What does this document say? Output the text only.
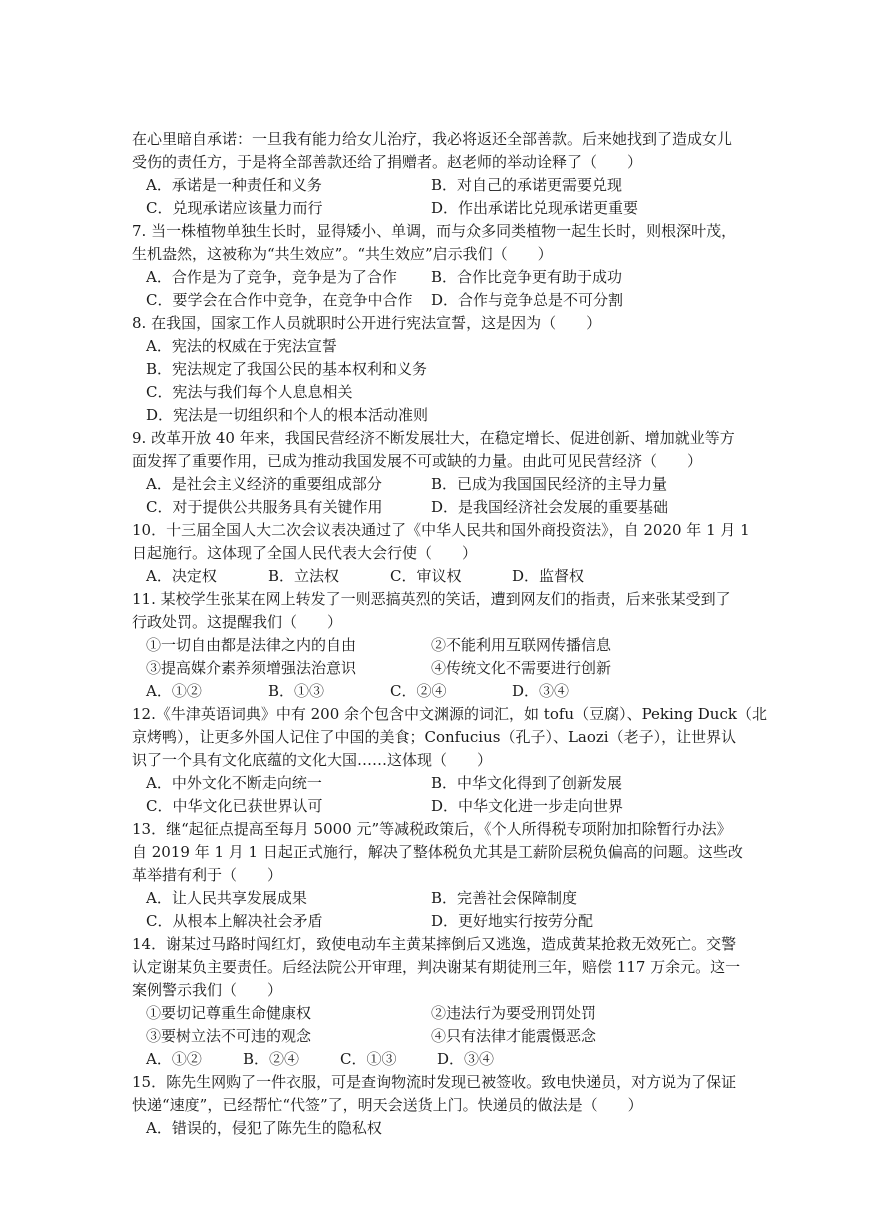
在心里暗自承诺：一旦我有能力给女儿治疗，我必将返还全部善款。后来她找到了造成女儿
受伤的责任方，于是将全部善款还给了捐赠者。赵老师的举动诠释了（　　）
A．承诺是一种责任和义务	B．对自己的承诺更需要兑现
C．兑现承诺应该量力而行	D．作出承诺比兑现承诺更重要
7. 当一株植物单独生长时，显得矮小、单调，而与众多同类植物一起生长时，则根深叶茂，
生机盎然，这被称为“共生效应”。“共生效应”启示我们（　　）
A．合作是为了竞争，竞争是为了合作	B．合作比竞争更有助于成功
C．要学会在合作中竞争，在竞争中合作	D．合作与竞争总是不可分割
8. 在我国，国家工作人员就职时公开进行宪法宣誓，这是因为（　　）
A．宪法的权威在于宪法宣誓
B．宪法规定了我国公民的基本权利和义务
C．宪法与我们每个人息息相关
D．宪法是一切组织和个人的根本活动准则
9. 改革开放 40 年来，我国民营经济不断发展壮大，在稳定增长、促进创新、增加就业等方
面发挥了重要作用，已成为推动我国发展不可或缺的力量。由此可见民营经济（　　）
A．是社会主义经济的重要组成部分	B．已成为我国国民经济的主导力量
C．对于提供公共服务具有关键作用	D．是我国经济社会发展的重要基础
10．十三届全国人大二次会议表决通过了《中华人民共和国外商投资法》，自 2020 年 1 月 1
日起施行。这体现了全国人民代表大会行使（　　）
A．决定权	B．立法权	C．审议权	D．监督权
11. 某校学生张某在网上转发了一则恶搞英烈的笑话，遭到网友们的指责，后来张某受到了
行政处罚。这提醒我们（　　）
①一切自由都是法律之内的自由	②不能利用互联网传播信息
③提高媒介素养须增强法治意识	④传统文化不需要进行创新
A．①②	B．①③	C．②④	D．③④
12.《牛津英语词典》中有 200 余个包含中文渊源的词汇，如 tofu（豆腐）、Peking Duck（北
京烤鸭），让更多外国人记住了中国的美食；Confucius（孔子）、Laozi（老子），让世界认
识了一个具有文化底蕴的文化大国……这体现（　　）
A．中外文化不断走向统一	B．中华文化得到了创新发展
C．中华文化已获世界认可	D．中华文化进一步走向世界
13．继“起征点提高至每月 5000 元”等减税政策后，《个人所得税专项附加扣除暂行办法》
自 2019 年 1 月 1 日起正式施行，解决了整体税负尤其是工薪阶层税负偏高的问题。这些改
革举措有利于（　　）
A．让人民共享发展成果	B．完善社会保障制度
C．从根本上解决社会矛盾	D．更好地实行按劳分配
14．谢某过马路时闯红灯，致使电动车主黄某摔倒后又逃逸，造成黄某抢救无效死亡。交警
认定谢某负主要责任。后经法院公开审理，判决谢某有期徒刑三年，赔偿 117 万余元。这一
案例警示我们（　　）
①要切记尊重生命健康权	②违法行为要受刑罚处罚
③要树立法不可违的观念	④只有法律才能震慑恶念
A．①②	B．②④	C．①③	D．③④
15．陈先生网购了一件衣服，可是查询物流时发现已被签收。致电快递员，对方说为了保证
快递“速度”，已经帮忙“代签”了，明天会送货上门。快递员的做法是（　　）
A．错误的，侵犯了陈先生的隐私权
